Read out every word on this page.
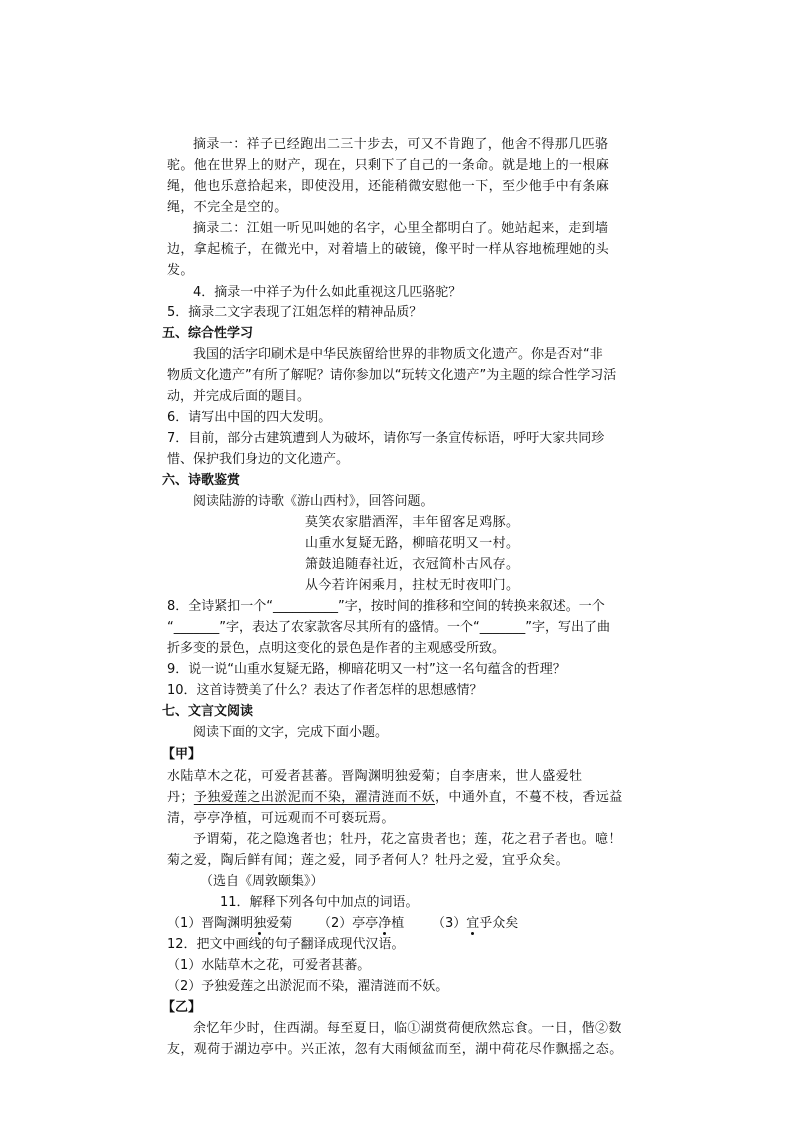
摘录一：祥子已经跑出二三十步去，可又不肯跑了，他舍不得那几匹骆
驼。他在世界上的财产，现在，只剩下了自己的一条命。就是地上的一根麻
绳，他也乐意拾起来，即使没用，还能稍微安慰他一下，至少他手中有条麻
绳，不完全是空的。
摘录二：江姐一听见叫她的名字，心里全都明白了。她站起来，走到墙
边，拿起梳子，在微光中，对着墙上的破镜，像平时一样从容地梳理她的头
发。
4．摘录一中祥子为什么如此重视这几匹骆驼？
5．摘录二文字表现了江姐怎样的精神品质？
五、综合性学习
我国的活字印刷术是中华民族留给世界的非物质文化遗产。你是否对“非
物质文化遗产”有所了解呢？请你参加以“玩转文化遗产”为主题的综合性学习活
动，并完成后面的题目。
6．请写出中国的四大发明。
7．目前，部分古建筑遭到人为破坏，请你写一条宣传标语，呼吁大家共同珍
惜、保护我们身边的文化遗产。
六、诗歌鉴赏
阅读陆游的诗歌《游山西村》，回答问题。
莫笑农家腊酒浑，丰年留客足鸡豚。
山重水复疑无路，柳暗花明又一村。
箫鼓追随春社近，衣冠简朴古风存。
从今若许闲乘月，拄杖无时夜叩门。
8．全诗紧扣一个“__________”字，按时间的推移和空间的转换来叙述。一个
“_______”字，表达了农家款客尽其所有的盛情。一个“_______”字，写出了曲
折多变的景色，点明这变化的景色是作者的主观感受所致。
9．说一说“山重水复疑无路，柳暗花明又一村”这一名句蕴含的哲理？
10．这首诗赞美了什么？表达了作者怎样的思想感情？
七、文言文阅读
阅读下面的文字，完成下面小题。
【甲】
水陆草木之花，可爱者甚蕃。晋陶渊明独爱菊；自李唐来，世人盛爱牡
丹；予独爱莲之出淤泥而不染，濯清涟而不妖，中通外直，不蔓不枝，香远益
清，亭亭净植，可远观而不可亵玩焉。
予谓菊，花之隐逸者也；牡丹，花之富贵者也；莲，花之君子者也。噫！
菊之爱，陶后鲜有闻；莲之爱，同予者何人？牡丹之爱，宜乎众矣。
（选自《周敦颐集》）
11．解释下列各句中加点的词语。
（1）晋陶渊明独爱菊 （2）亭亭净植 （3）宜乎众矣
12．把文中画线的句子翻译成现代汉语。
（1）水陆草木之花，可爱者甚蕃。
（2）予独爱莲之出淤泥而不染，濯清涟而不妖。
【乙】
余忆年少时，住西湖。每至夏日，临①湖赏荷便欣然忘食。一日，偕②数
友，观荷于湖边亭中。兴正浓，忽有大雨倾盆而至，湖中荷花尽作飘摇之态。
